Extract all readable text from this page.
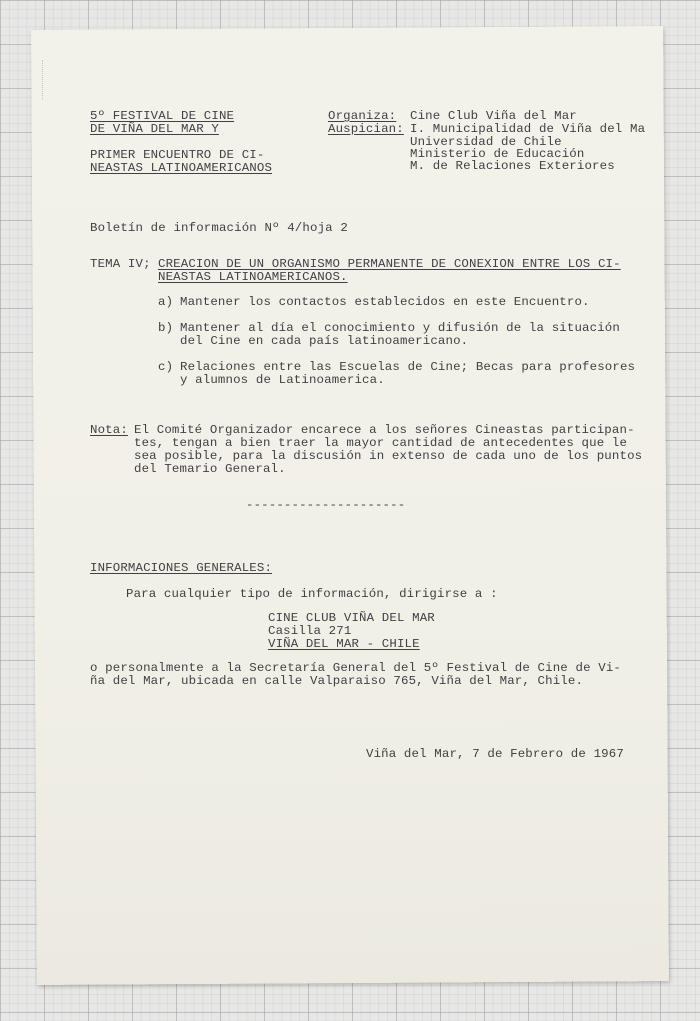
5º FESTIVAL DE CINE
DE VIÑA DEL MAR Y
PRIMER ENCUENTRO DE CI-
NEASTAS LATINOAMERICANOS
Organiza: Cine Club Viña del Mar
Auspician: I. Municipalidad de Viña del Ma
Universidad de Chile
Ministerio de Educación
M. de Relaciones Exteriores
Boletín de información Nº 4/hoja 2
TEMA IV; CREACION DE UN ORGANISMO PERMANENTE DE CONEXION ENTRE LOS CI-
NEASTAS LATINOAMERICANOS.
a) Mantener los contactos establecidos en este Encuentro.
b) Mantener al día el conocimiento y difusión de la situación
del Cine en cada país latinoamericano.
c) Relaciones entre las Escuelas de Cine; Becas para profesores
y alumnos de Latinoamerica.
Nota: El Comité Organizador encarece a los señores Cineastas participan-
tes, tengan a bien traer la mayor cantidad de antecedentes que le
sea posible, para la discusión in extenso de cada uno de los puntos
del Temario General.
---------------------
INFORMACIONES GENERALES:
Para cualquier tipo de información, dirigirse a :
CINE CLUB VIÑA DEL MAR
Casilla 271
VIÑA DEL MAR - CHILE
o personalmente a la Secretaría General del 5º Festival de Cine de Vi-
ña del Mar, ubicada en calle Valparaiso 765, Viña del Mar, Chile.
Viña del Mar, 7 de Febrero de 1967
